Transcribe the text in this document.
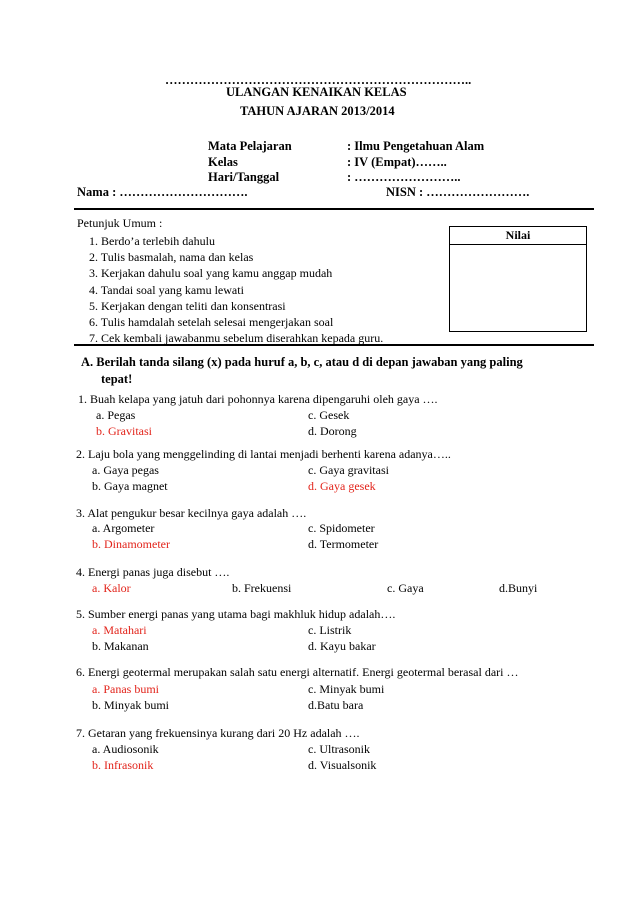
………………………………………………………………..
ULANGAN KENAIKAN KELAS
TAHUN AJARAN 2013/2014
Mata Pelajaran	: Ilmu Pengetahuan Alam
Kelas	: IV (Empat)……..
Hari/Tanggal	: ……………………..
Nama : ………………………….	NISN : …………………….
Petunjuk Umum :
1. Berdo’a terlebih dahulu
2. Tulis basmalah, nama dan kelas
3. Kerjakan dahulu soal yang kamu anggap mudah
4. Tandai soal yang kamu lewati
5. Kerjakan dengan teliti dan konsentrasi
6. Tulis hamdalah setelah selesai mengerjakan soal
7. Cek kembali jawabanmu sebelum diserahkan kepada guru.
Nilai
A. Berilah tanda silang (x) pada huruf a, b, c, atau d di depan jawaban yang paling
tepat!
1. Buah kelapa yang jatuh dari pohonnya karena dipengaruhi oleh gaya ….
a. Pegas	c. Gesek
b. Gravitasi	d. Dorong
2. Laju bola yang menggelinding di lantai menjadi berhenti karena adanya…..
a. Gaya pegas	c. Gaya gravitasi
b. Gaya magnet	d. Gaya gesek
3. Alat pengukur besar kecilnya gaya adalah ….
a. Argometer	c. Spidometer
b. Dinamometer	d. Termometer
4. Energi panas juga disebut ….
a. Kalor	b. Frekuensi	c. Gaya	d.Bunyi
5. Sumber energi panas yang utama bagi makhluk hidup adalah….
a. Matahari	c. Listrik
b. Makanan	d. Kayu bakar
6. Energi geotermal merupakan salah satu energi alternatif. Energi geotermal berasal dari …
a. Panas bumi	c. Minyak bumi
b. Minyak bumi	d.Batu bara
7. Getaran yang frekuensinya kurang dari 20 Hz adalah ….
a. Audiosonik	c. Ultrasonik
b. Infrasonik	d. Visualsonik
